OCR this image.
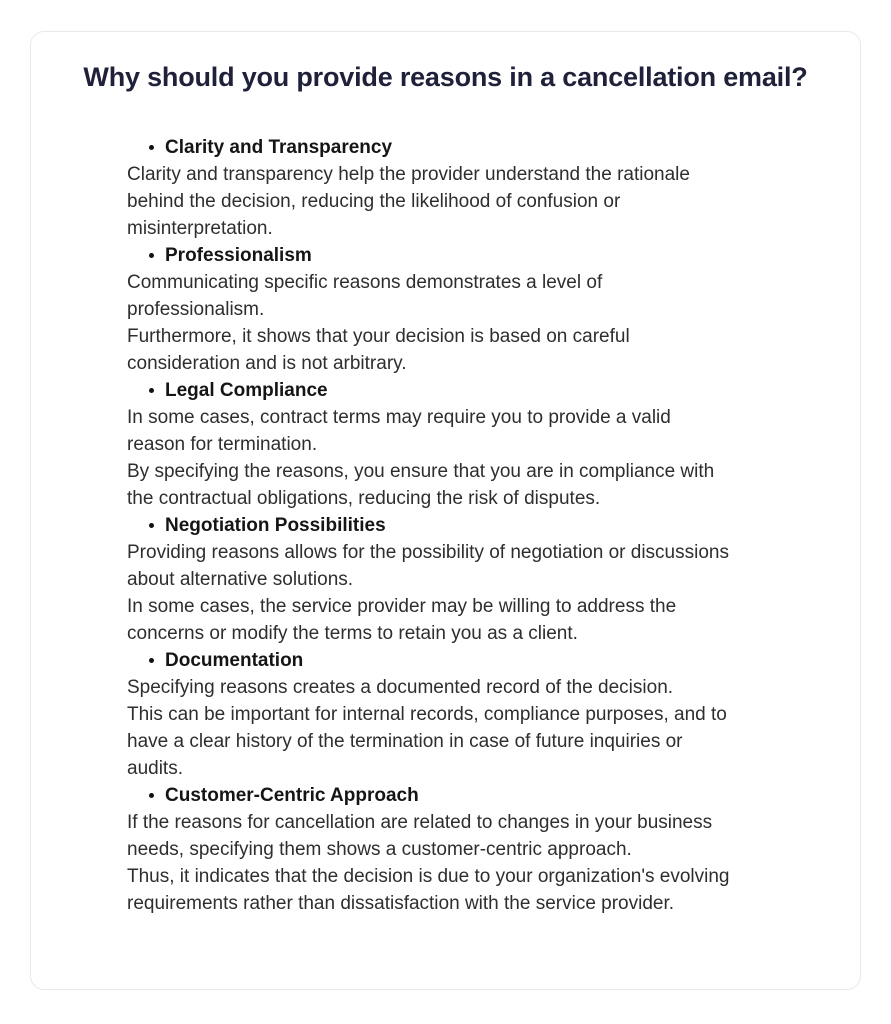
Why should you provide reasons in a cancellation email?
Clarity and Transparency
Clarity and transparency help the provider understand the rationale behind the decision, reducing the likelihood of confusion or misinterpretation.
Professionalism
Communicating specific reasons demonstrates a level of professionalism.
Furthermore, it shows that your decision is based on careful consideration and is not arbitrary.
Legal Compliance
In some cases, contract terms may require you to provide a valid reason for termination.
By specifying the reasons, you ensure that you are in compliance with the contractual obligations, reducing the risk of disputes.
Negotiation Possibilities
Providing reasons allows for the possibility of negotiation or discussions about alternative solutions.
In some cases, the service provider may be willing to address the concerns or modify the terms to retain you as a client.
Documentation
Specifying reasons creates a documented record of the decision.
This can be important for internal records, compliance purposes, and to have a clear history of the termination in case of future inquiries or audits.
Customer-Centric Approach
If the reasons for cancellation are related to changes in your business needs, specifying them shows a customer-centric approach.
Thus, it indicates that the decision is due to your organization's evolving requirements rather than dissatisfaction with the service provider.
